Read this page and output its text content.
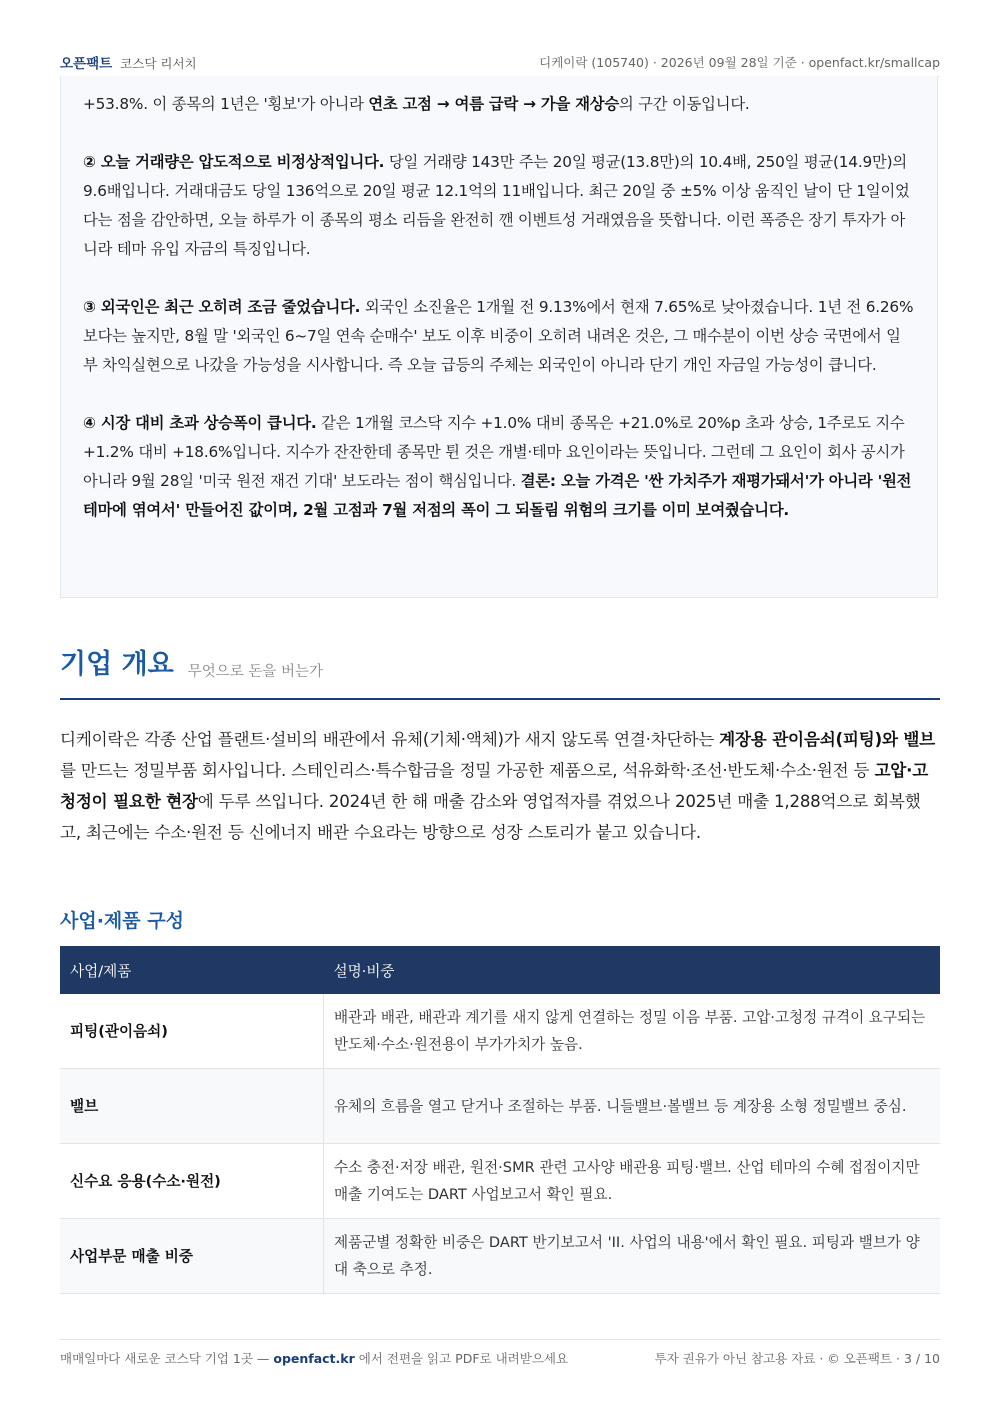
오픈팩트 코스닥 리서치	디케이락 (105740) · 2026년 09월 28일 기준 · openfact.kr/smallcap

+53.8%. 이 종목의 1년은 '횡보'가 아니라 연초 고점 → 여름 급락 → 가을 재상승의 구간 이동입니다.

② 오늘 거래량은 압도적으로 비정상적입니다. 당일 거래량 143만 주는 20일 평균(13.8만)의 10.4배, 250일 평균(14.9만)의 9.6배입니다. 거래대금도 당일 136억으로 20일 평균 12.1억의 11배입니다. 최근 20일 중 ±5% 이상 움직인 날이 단 1일이었다는 점을 감안하면, 오늘 하루가 이 종목의 평소 리듬을 완전히 깬 이벤트성 거래였음을 뜻합니다. 이런 폭증은 장기 투자가 아니라 테마 유입 자금의 특징입니다.

③ 외국인은 최근 오히려 조금 줄었습니다. 외국인 소진율은 1개월 전 9.13%에서 현재 7.65%로 낮아졌습니다. 1년 전 6.26%보다는 높지만, 8월 말 '외국인 6~7일 연속 순매수' 보도 이후 비중이 오히려 내려온 것은, 그 매수분이 이번 상승 국면에서 일부 차익실현으로 나갔을 가능성을 시사합니다. 즉 오늘 급등의 주체는 외국인이 아니라 단기 개인 자금일 가능성이 큽니다.

④ 시장 대비 초과 상승폭이 큽니다. 같은 1개월 코스닥 지수 +1.0% 대비 종목은 +21.0%로 20%p 초과 상승, 1주로도 지수 +1.2% 대비 +18.6%입니다. 지수가 잔잔한데 종목만 튄 것은 개별·테마 요인이라는 뜻입니다. 그런데 그 요인이 회사 공시가 아니라 9월 28일 '미국 원전 재건 기대' 보도라는 점이 핵심입니다. 결론: 오늘 가격은 '싼 가치주가 재평가돼서'가 아니라 '원전 테마에 엮여서' 만들어진 값이며, 2월 고점과 7월 저점의 폭이 그 되돌림 위험의 크기를 이미 보여줬습니다.

기업 개요 무엇으로 돈을 버는가

디케이락은 각종 산업 플랜트·설비의 배관에서 유체(기체·액체)가 새지 않도록 연결·차단하는 계장용 관이음쇠(피팅)와 밸브를 만드는 정밀부품 회사입니다. 스테인리스·특수합금을 정밀 가공한 제품으로, 석유화학·조선·반도체·수소·원전 등 고압·고청정이 필요한 현장에 두루 쓰입니다. 2024년 한 해 매출 감소와 영업적자를 겪었으나 2025년 매출 1,288억으로 회복했고, 최근에는 수소·원전 등 신에너지 배관 수요라는 방향으로 성장 스토리가 붙고 있습니다.

사업·제품 구성
사업/제품	설명·비중
피팅(관이음쇠)	배관과 배관, 배관과 계기를 새지 않게 연결하는 정밀 이음 부품. 고압·고청정 규격이 요구되는 반도체·수소·원전용이 부가가치가 높음.
밸브	유체의 흐름을 열고 닫거나 조절하는 부품. 니들밸브·볼밸브 등 계장용 소형 정밀밸브 중심.
신수요 응용(수소·원전)	수소 충전·저장 배관, 원전·SMR 관련 고사양 배관용 피팅·밸브. 산업 테마의 수혜 접점이지만 매출 기여도는 DART 사업보고서 확인 필요.
사업부문 매출 비중	제품군별 정확한 비중은 DART 반기보고서 'II. 사업의 내용'에서 확인 필요. 피팅과 밸브가 양대 축으로 추정.
매매일마다 새로운 코스닥 기업 1곳 — openfact.kr 에서 전편을 읽고 PDF로 내려받으세요	투자 권유가 아닌 참고용 자료 · © 오픈팩트 · 3 / 10
